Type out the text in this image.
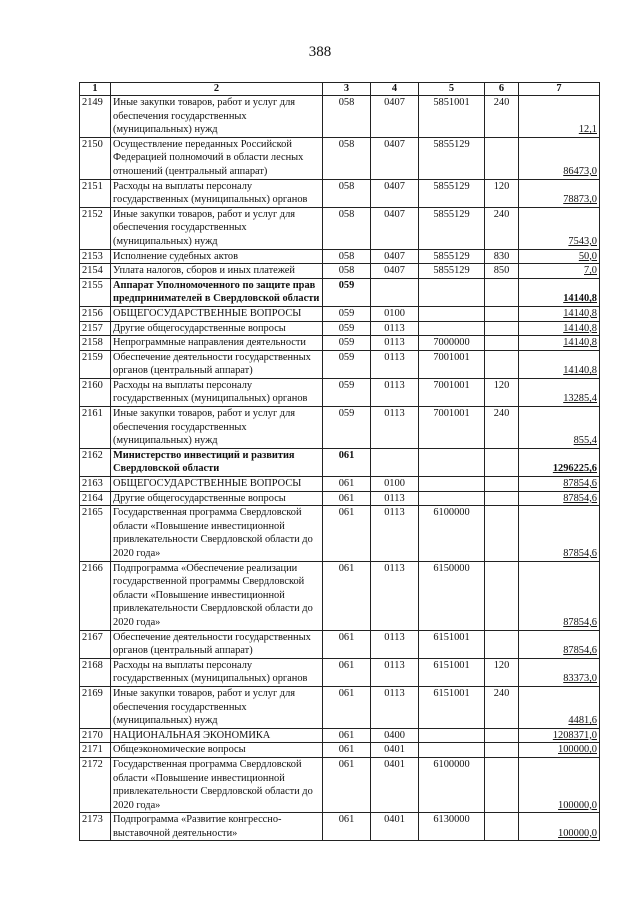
388
1	2	3	4	5	6	7
2149	Иные закупки товаров, работ и услуг для обеспечения государственных (муниципальных) нужд	058	0407	5851001	240	12,1
2150	Осуществление переданных Российской Федерацией полномочий в области лесных отношений (центральный аппарат)	058	0407	5855129		86473,0
2151	Расходы на выплаты персоналу государственных (муниципальных) органов	058	0407	5855129	120	78873,0
2152	Иные закупки товаров, работ и услуг для обеспечения государственных (муниципальных) нужд	058	0407	5855129	240	7543,0
2153	Исполнение судебных актов	058	0407	5855129	830	50,0
2154	Уплата налогов, сборов и иных платежей	058	0407	5855129	850	7,0
2155	Аппарат Уполномоченного по защите прав предпринимателей в Свердловской области	059				14140,8
2156	ОБЩЕГОСУДАРСТВЕННЫЕ ВОПРОСЫ	059	0100			14140,8
2157	Другие общегосударственные вопросы	059	0113			14140,8
2158	Непрограммные направления деятельности	059	0113	7000000		14140,8
2159	Обеспечение деятельности государственных органов (центральный аппарат)	059	0113	7001001		14140,8
2160	Расходы на выплаты персоналу государственных (муниципальных) органов	059	0113	7001001	120	13285,4
2161	Иные закупки товаров, работ и услуг для обеспечения государственных (муниципальных) нужд	059	0113	7001001	240	855,4
2162	Министерство инвестиций и развития Свердловской области	061				1296225,6
2163	ОБЩЕГОСУДАРСТВЕННЫЕ ВОПРОСЫ	061	0100			87854,6
2164	Другие общегосударственные вопросы	061	0113			87854,6
2165	Государственная программа Свердловской области «Повышение инвестиционной привлекательности Свердловской области до 2020 года»	061	0113	6100000		87854,6
2166	Подпрограмма «Обеспечение реализации государственной программы Свердловской области «Повышение инвестиционной привлекательности Свердловской области до 2020 года»	061	0113	6150000		87854,6
2167	Обеспечение деятельности государственных органов (центральный аппарат)	061	0113	6151001		87854,6
2168	Расходы на выплаты персоналу государственных (муниципальных) органов	061	0113	6151001	120	83373,0
2169	Иные закупки товаров, работ и услуг для обеспечения государственных (муниципальных) нужд	061	0113	6151001	240	4481,6
2170	НАЦИОНАЛЬНАЯ ЭКОНОМИКА	061	0400			1208371,0
2171	Общеэкономические вопросы	061	0401			100000,0
2172	Государственная программа Свердловской области «Повышение инвестиционной привлекательности Свердловской области до 2020 года»	061	0401	6100000		100000,0
2173	Подпрограмма «Развитие конгрессно-выставочной деятельности»	061	0401	6130000		100000,0
